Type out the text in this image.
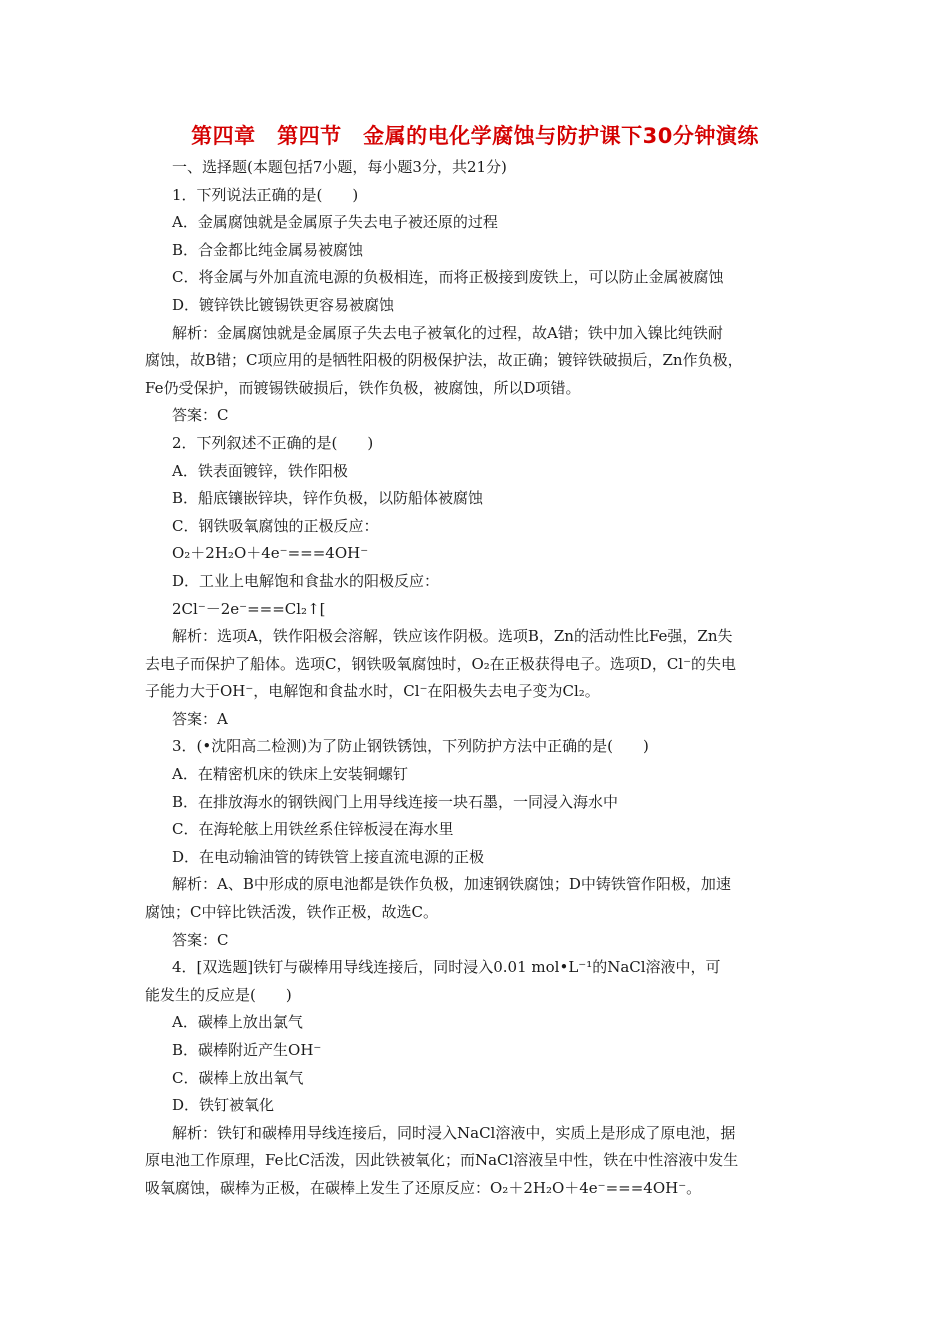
第四章　第四节　金属的电化学腐蚀与防护课下30分钟演练
一、选择题(本题包括7小题，每小题3分，共21分)
1．下列说法正确的是(　　)
A．金属腐蚀就是金属原子失去电子被还原的过程
B．合金都比纯金属易被腐蚀
C．将金属与外加直流电源的负极相连，而将正极接到废铁上，可以防止金属被腐蚀
D．镀锌铁比镀锡铁更容易被腐蚀
解析：金属腐蚀就是金属原子失去电子被氧化的过程，故A错；铁中加入镍比纯铁耐
腐蚀，故B错；C项应用的是牺牲阳极的阴极保护法，故正确；镀锌铁破损后，Zn作负极，
Fe仍受保护，而镀锡铁破损后，铁作负极，被腐蚀，所以D项错。
答案：C
2．下列叙述不正确的是(　　)
A．铁表面镀锌，铁作阳极
B．船底镶嵌锌块，锌作负极，以防船体被腐蚀
C．钢铁吸氧腐蚀的正极反应：
O₂＋2H₂O＋4e⁻===4OH⁻
D．工业上电解饱和食盐水的阳极反应：
2Cl⁻－2e⁻===Cl₂↑[
解析：选项A，铁作阳极会溶解，铁应该作阴极。选项B，Zn的活动性比Fe强，Zn失
去电子而保护了船体。选项C，钢铁吸氧腐蚀时，O₂在正极获得电子。选项D，Cl⁻的失电
子能力大于OH⁻，电解饱和食盐水时，Cl⁻在阳极失去电子变为Cl₂。
答案：A
3．(•沈阳高二检测)为了防止钢铁锈蚀，下列防护方法中正确的是(　　)
A．在精密机床的铁床上安装铜螺钉
B．在排放海水的钢铁阀门上用导线连接一块石墨，一同浸入海水中
C．在海轮舷上用铁丝系住锌板浸在海水里
D．在电动输油管的铸铁管上接直流电源的正极
解析：A、B中形成的原电池都是铁作负极，加速钢铁腐蚀；D中铸铁管作阳极，加速
腐蚀；C中锌比铁活泼，铁作正极，故选C。
答案：C
4．[双选题]铁钉与碳棒用导线连接后，同时浸入0.01 mol•L⁻¹的NaCl溶液中，可
能发生的反应是(　　)
A．碳棒上放出氯气
B．碳棒附近产生OH⁻
C．碳棒上放出氧气
D．铁钉被氧化
解析：铁钉和碳棒用导线连接后，同时浸入NaCl溶液中，实质上是形成了原电池，据
原电池工作原理，Fe比C活泼，因此铁被氧化；而NaCl溶液呈中性，铁在中性溶液中发生
吸氧腐蚀，碳棒为正极，在碳棒上发生了还原反应：O₂＋2H₂O＋4e⁻===4OH⁻。
